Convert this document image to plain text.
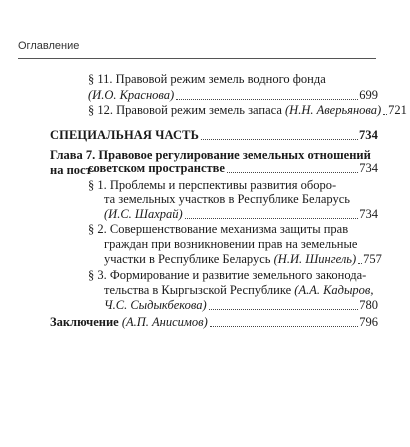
Оглавление
§ 11. Правовой режим земель водного фонда
(И.О. Краснова)	699
§ 12. Правовой режим земель запаса
(Н.Н. Аверьянова) 721
СПЕЦИАЛЬНАЯ ЧАСТЬ	734
Глава 7. Правовое регулирование земельных отношений на пост-
советском пространстве	734
§ 1. Проблемы и перспективы развития оборо-
та земельных участков в Республике Беларусь
(И.С. Шахрай)	734
§ 2. Совершенствование механизма защиты прав
граждан при возникновении прав на земельные
участки в Республике Беларусь
(Н.И. Шингель) 757
§ 3. Формирование и развитие земельного законода-
тельства в Кыргызской Республике (А.А. Кадыров,
Ч.С. Сыдыкбекова)	780
Заключение
(А.П. Анисимов)	796
